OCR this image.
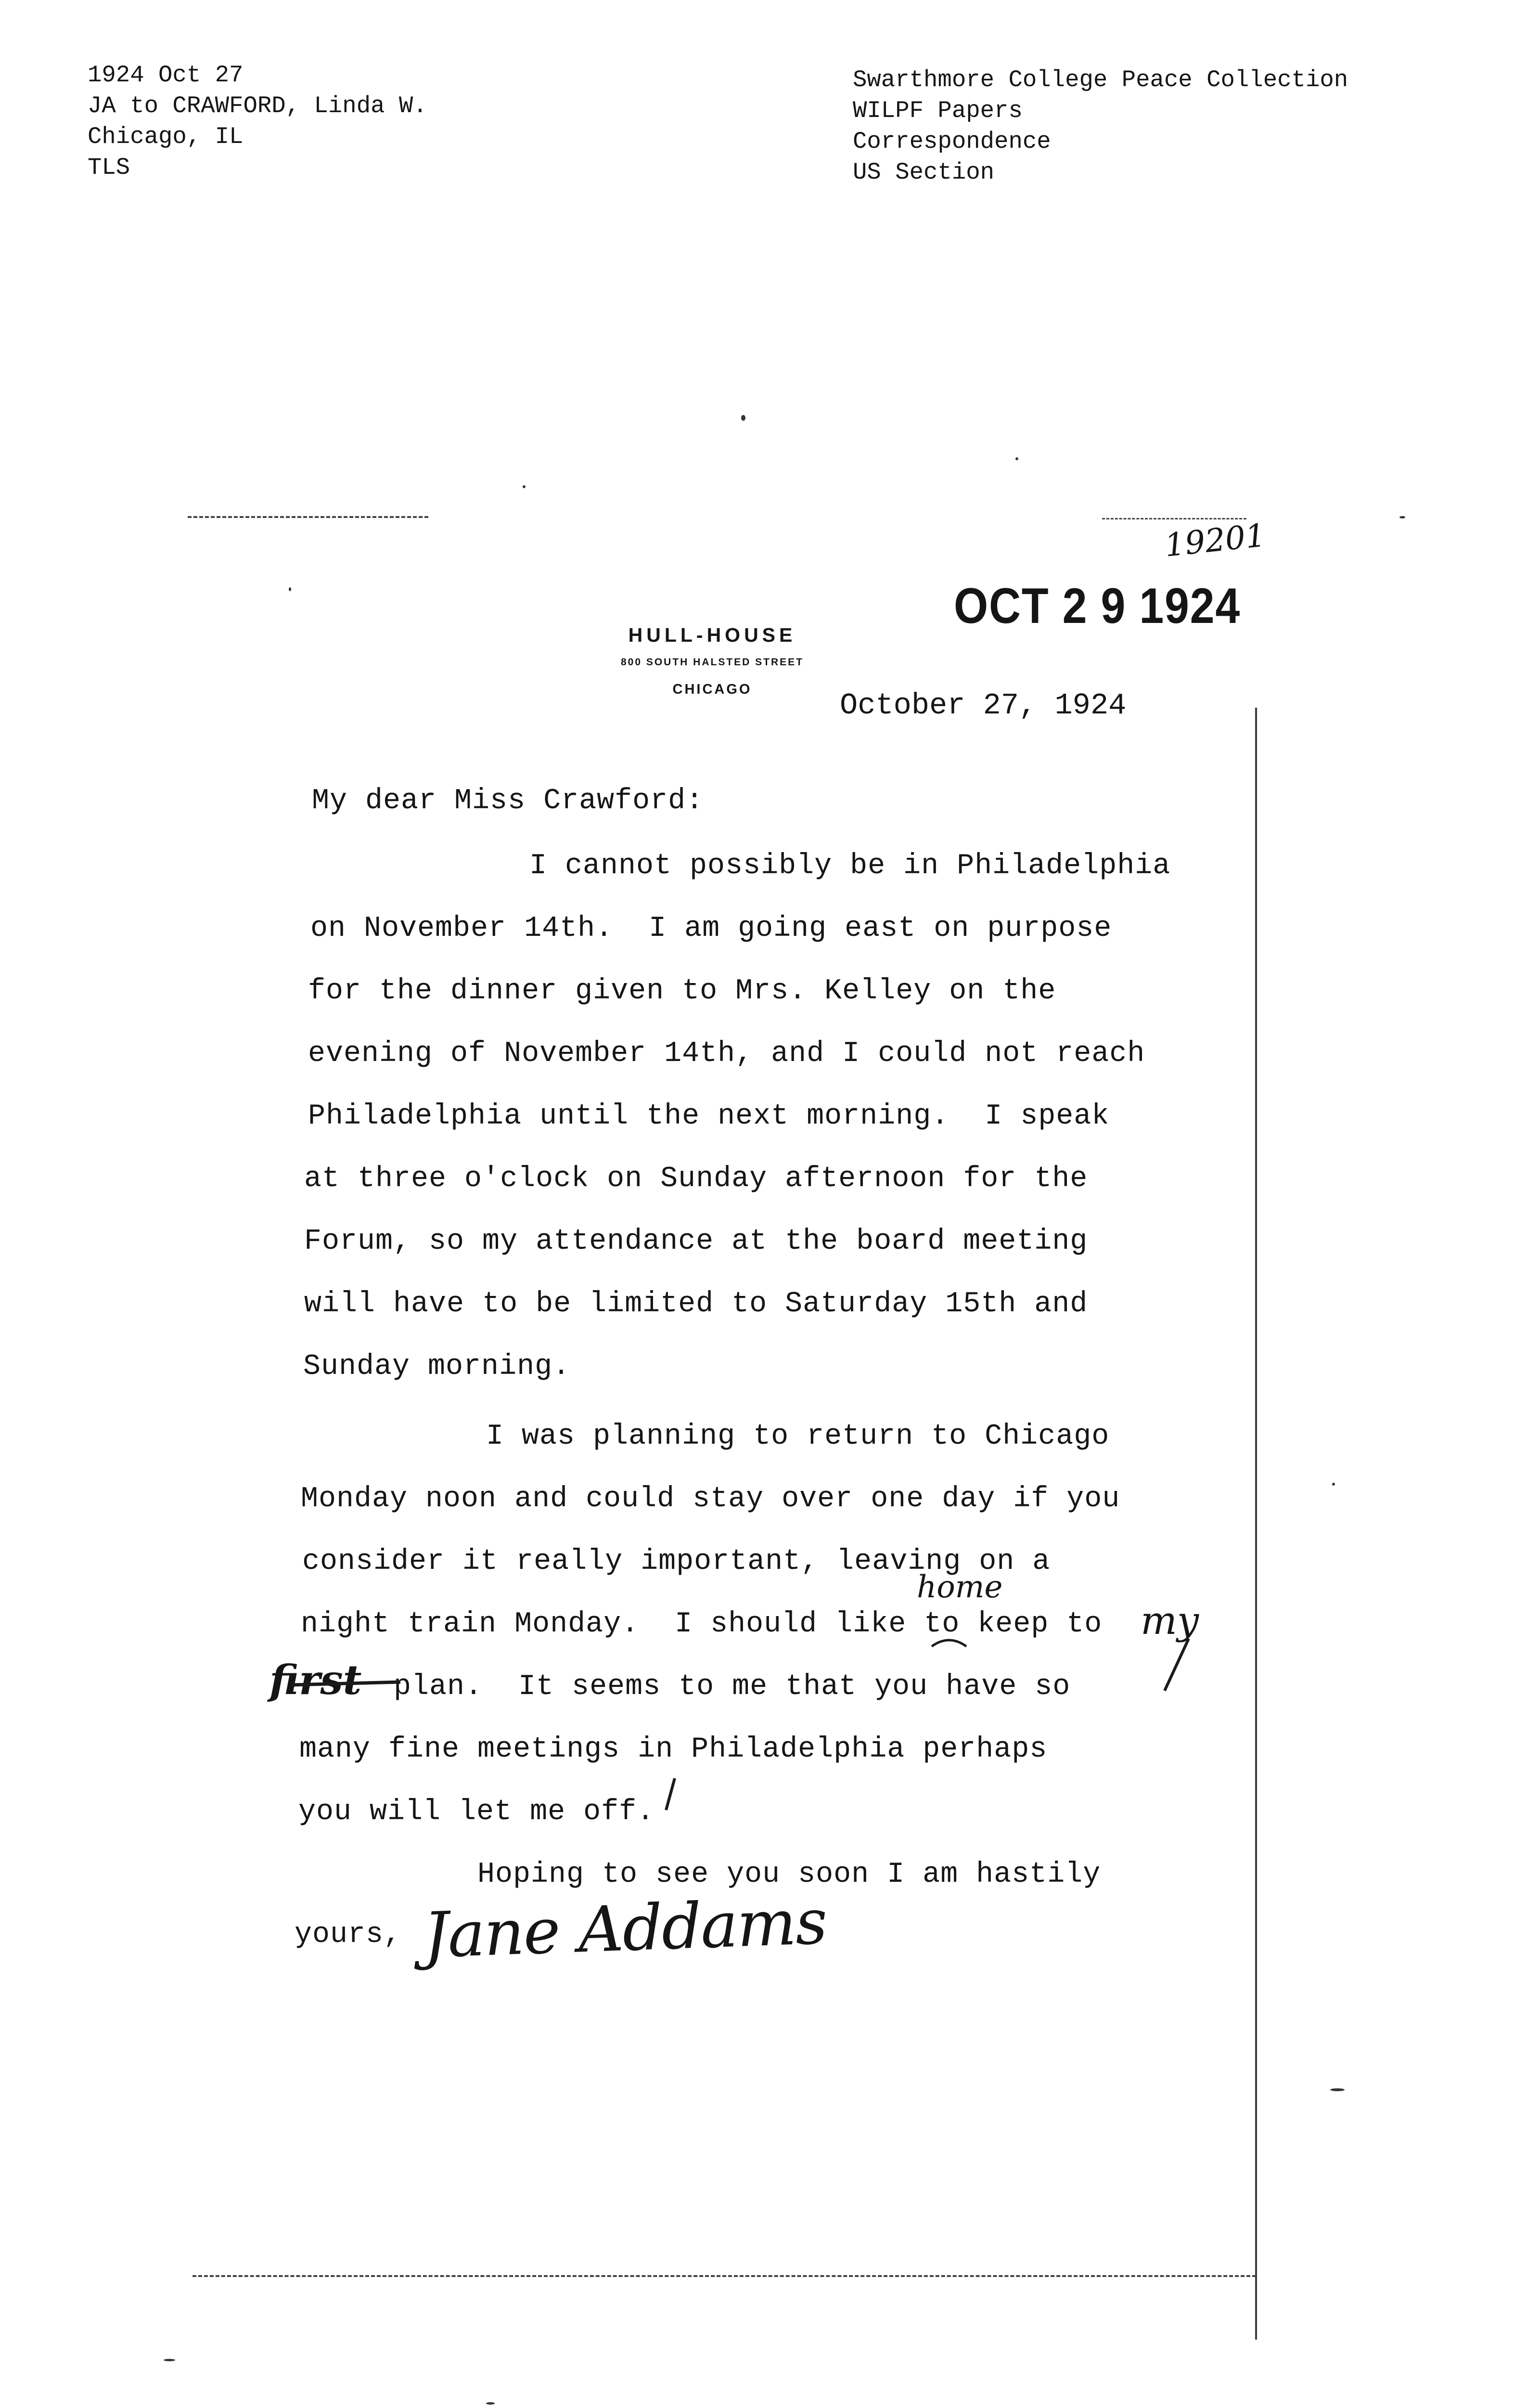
1924 Oct 27
JA to CRAWFORD, Linda W.
Chicago, IL
TLS
Swarthmore College Peace Collection
WILPF Papers
Correspondence
US Section
HULL-HOUSE
800 SOUTH HALSTED STREET
CHICAGO
OCT 2 9 1924
19201
October 27, 1924
My dear Miss Crawford:
I cannot possibly be in Philadelphia
on November 14th.  I am going east on purpose
for the dinner given to Mrs. Kelley on the
evening of November 14th, and I could not reach
Philadelphia until the next morning.  I speak
at three o'clock on Sunday afternoon for the
Forum, so my attendance at the board meeting
will have to be limited to Saturday 15th and
Sunday morning.
I was planning to return to Chicago
Monday noon and could stay over one day if you
consider it really important, leaving on a
night train Monday.  I should like to keep to
plan.  It seems to me that you have so
many fine meetings in Philadelphia perhaps
you will let me off.
home
my
first
Hoping to see you soon I am hastily
yours, Jane Addams
